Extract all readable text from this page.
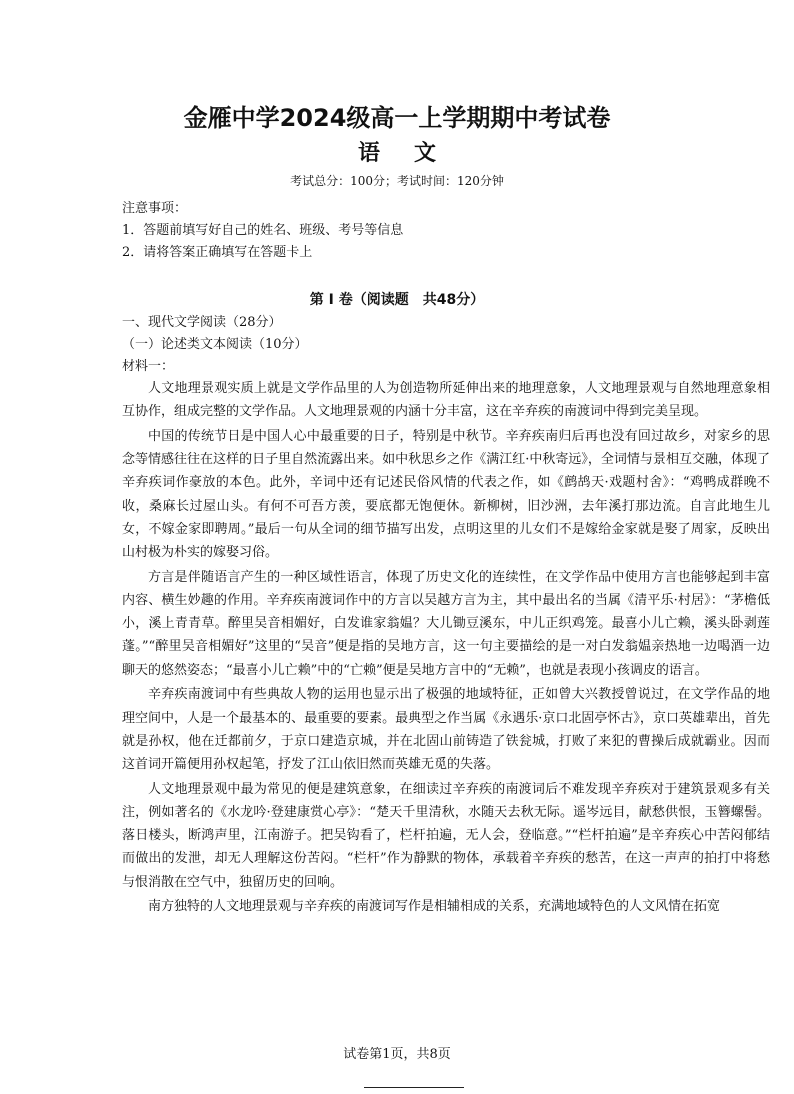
金雁中学2024级高一上学期期中考试卷
语文
考试总分：100分；考试时间：120分钟
注意事项：
1．答题前填写好自己的姓名、班级、考号等信息
2．请将答案正确填写在答题卡上
第 Ⅰ 卷（阅读题　共48分）
一、现代文学阅读（28分）
（一）论述类文本阅读（10分）
材料一：

人文地理景观实质上就是文学作品里的人为创造物所延伸出来的地理意象，人文地理景观与自然地理意象相互协作，组成完整的文学作品。人文地理景观的内涵十分丰富，这在辛弃疾的南渡词中得到完美呈现。

中国的传统节日是中国人心中最重要的日子，特别是中秋节。辛弃疾南归后再也没有回过故乡，对家乡的思念等情感往往在这样的日子里自然流露出来。如中秋思乡之作《满江红·中秋寄远》，全词情与景相互交融，体现了辛弃疾词作豪放的本色。此外，辛词中还有记述民俗风情的代表之作，如《鹧鸪天·戏题村舍》：“鸡鸭成群晚不收，桑麻长过屋山头。有何不可吾方羡，要底都无饱便休。新柳树，旧沙洲，去年溪打那边流。自言此地生儿女，不嫁金家即聘周。”最后一句从全词的细节描写出发，点明这里的儿女们不是嫁给金家就是娶了周家，反映出山村极为朴实的嫁娶习俗。

方言是伴随语言产生的一种区域性语言，体现了历史文化的连续性，在文学作品中使用方言也能够起到丰富内容、横生妙趣的作用。辛弃疾南渡词作中的方言以吴越方言为主，其中最出名的当属《清平乐·村居》：“茅檐低小，溪上青青草。醉里吴音相媚好，白发谁家翁媪？大儿锄豆溪东，中儿正织鸡笼。最喜小儿亡赖，溪头卧剥莲蓬。”“醉里吴音相媚好”这里的“吴音”便是指的吴地方言，这一句主要描绘的是一对白发翁媪亲热地一边喝酒一边聊天的悠然姿态；“最喜小儿亡赖”中的“亡赖”便是吴地方言中的“无赖”，也就是表现小孩调皮的语言。

辛弃疾南渡词中有些典故人物的运用也显示出了极强的地域特征，正如曾大兴教授曾说过，在文学作品的地理空间中，人是一个最基本的、最重要的要素。最典型之作当属《永遇乐·京口北固亭怀古》，京口英雄辈出，首先就是孙权，他在迁都前夕，于京口建造京城，并在北固山前铸造了铁瓮城，打败了来犯的曹操后成就霸业。因而这首词开篇便用孙权起笔，抒发了江山依旧然而英雄无觅的失落。

人文地理景观中最为常见的便是建筑意象，在细读过辛弃疾的南渡词后不难发现辛弃疾对于建筑景观多有关注，例如著名的《水龙吟·登建康赏心亭》：“楚天千里清秋，水随天去秋无际。遥岑远目，献愁供恨，玉簪螺髻。落日楼头，断鸿声里，江南游子。把吴钩看了，栏杆拍遍，无人会，登临意。”“栏杆拍遍”是辛弃疾心中苦闷郁结而做出的发泄，却无人理解这份苦闷。“栏杆”作为静默的物体，承载着辛弃疾的愁苦，在这一声声的拍打中将愁与恨消散在空气中，独留历史的回响。

南方独特的人文地理景观与辛弃疾的南渡词写作是相辅相成的关系，充满地域特色的人文风情在拓宽

试卷第1页，共8页
